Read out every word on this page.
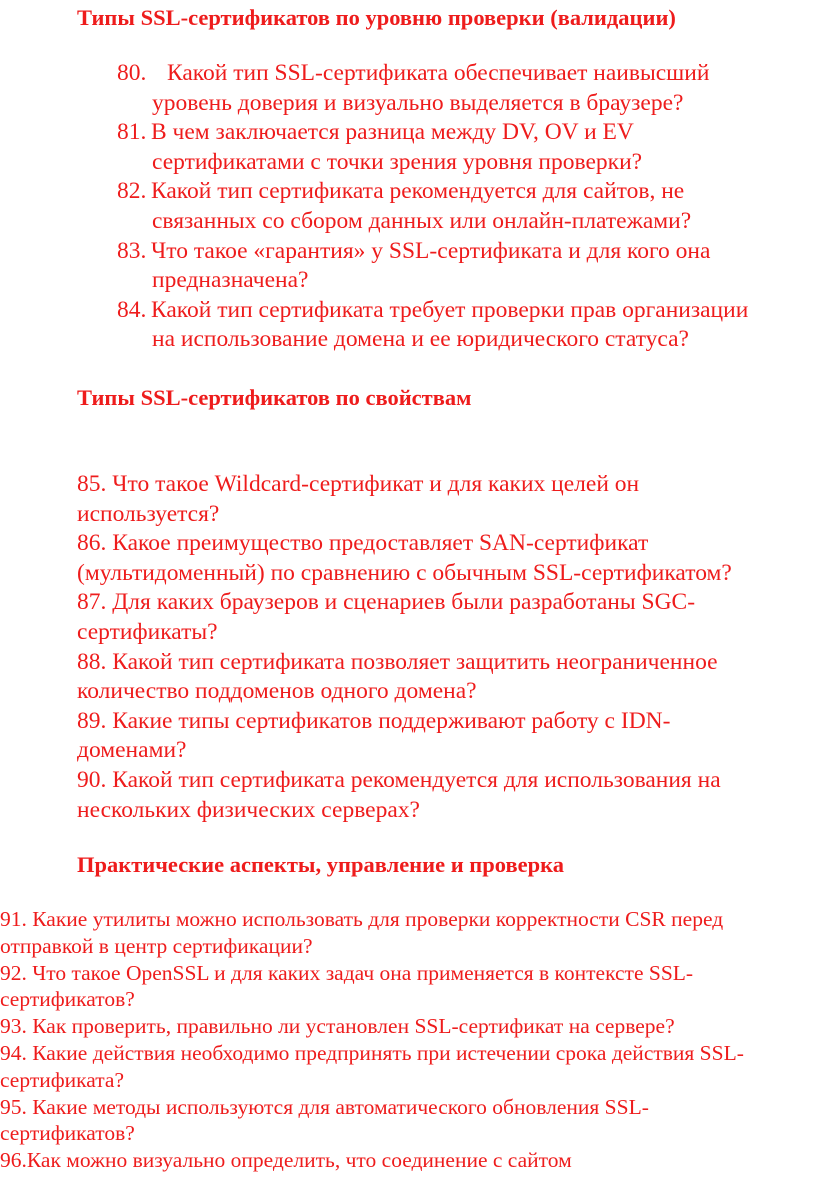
Типы SSL-сертификатов по уровню проверки (валидации)
80. Какой тип SSL-сертификата обеспечивает наивысший
уровень доверия и визуально выделяется в браузере?
81. В чем заключается разница между DV, OV и EV
сертификатами с точки зрения уровня проверки?
82. Какой тип сертификата рекомендуется для сайтов, не
связанных со сбором данных или онлайн-платежами?
83. Что такое «гарантия» у SSL-сертификата и для кого она
предназначена?
84. Какой тип сертификата требует проверки прав организации
на использование домена и ее юридического статуса?
Типы SSL-сертификатов по свойствам
85. Что такое Wildcard-сертификат и для каких целей он
используется?
86. Какое преимущество предоставляет SAN-сертификат
(мультидоменный) по сравнению с обычным SSL-сертификатом?
87. Для каких браузеров и сценариев были разработаны SGC-
сертификаты?
88. Какой тип сертификата позволяет защитить неограниченное
количество поддоменов одного домена?
89. Какие типы сертификатов поддерживают работу с IDN-
доменами?
90. Какой тип сертификата рекомендуется для использования на
нескольких физических серверах?
Практические аспекты, управление и проверка
91. Какие утилиты можно использовать для проверки корректности CSR перед
отправкой в центр сертификации?
92. Что такое OpenSSL и для каких задач она применяется в контексте SSL-
сертификатов?
93. Как проверить, правильно ли установлен SSL-сертификат на сервере?
94. Какие действия необходимо предпринять при истечении срока действия SSL-
сертификата?
95. Какие методы используются для автоматического обновления SSL-
сертификатов?
96.Как можно визуально определить, что соединение с сайтом
